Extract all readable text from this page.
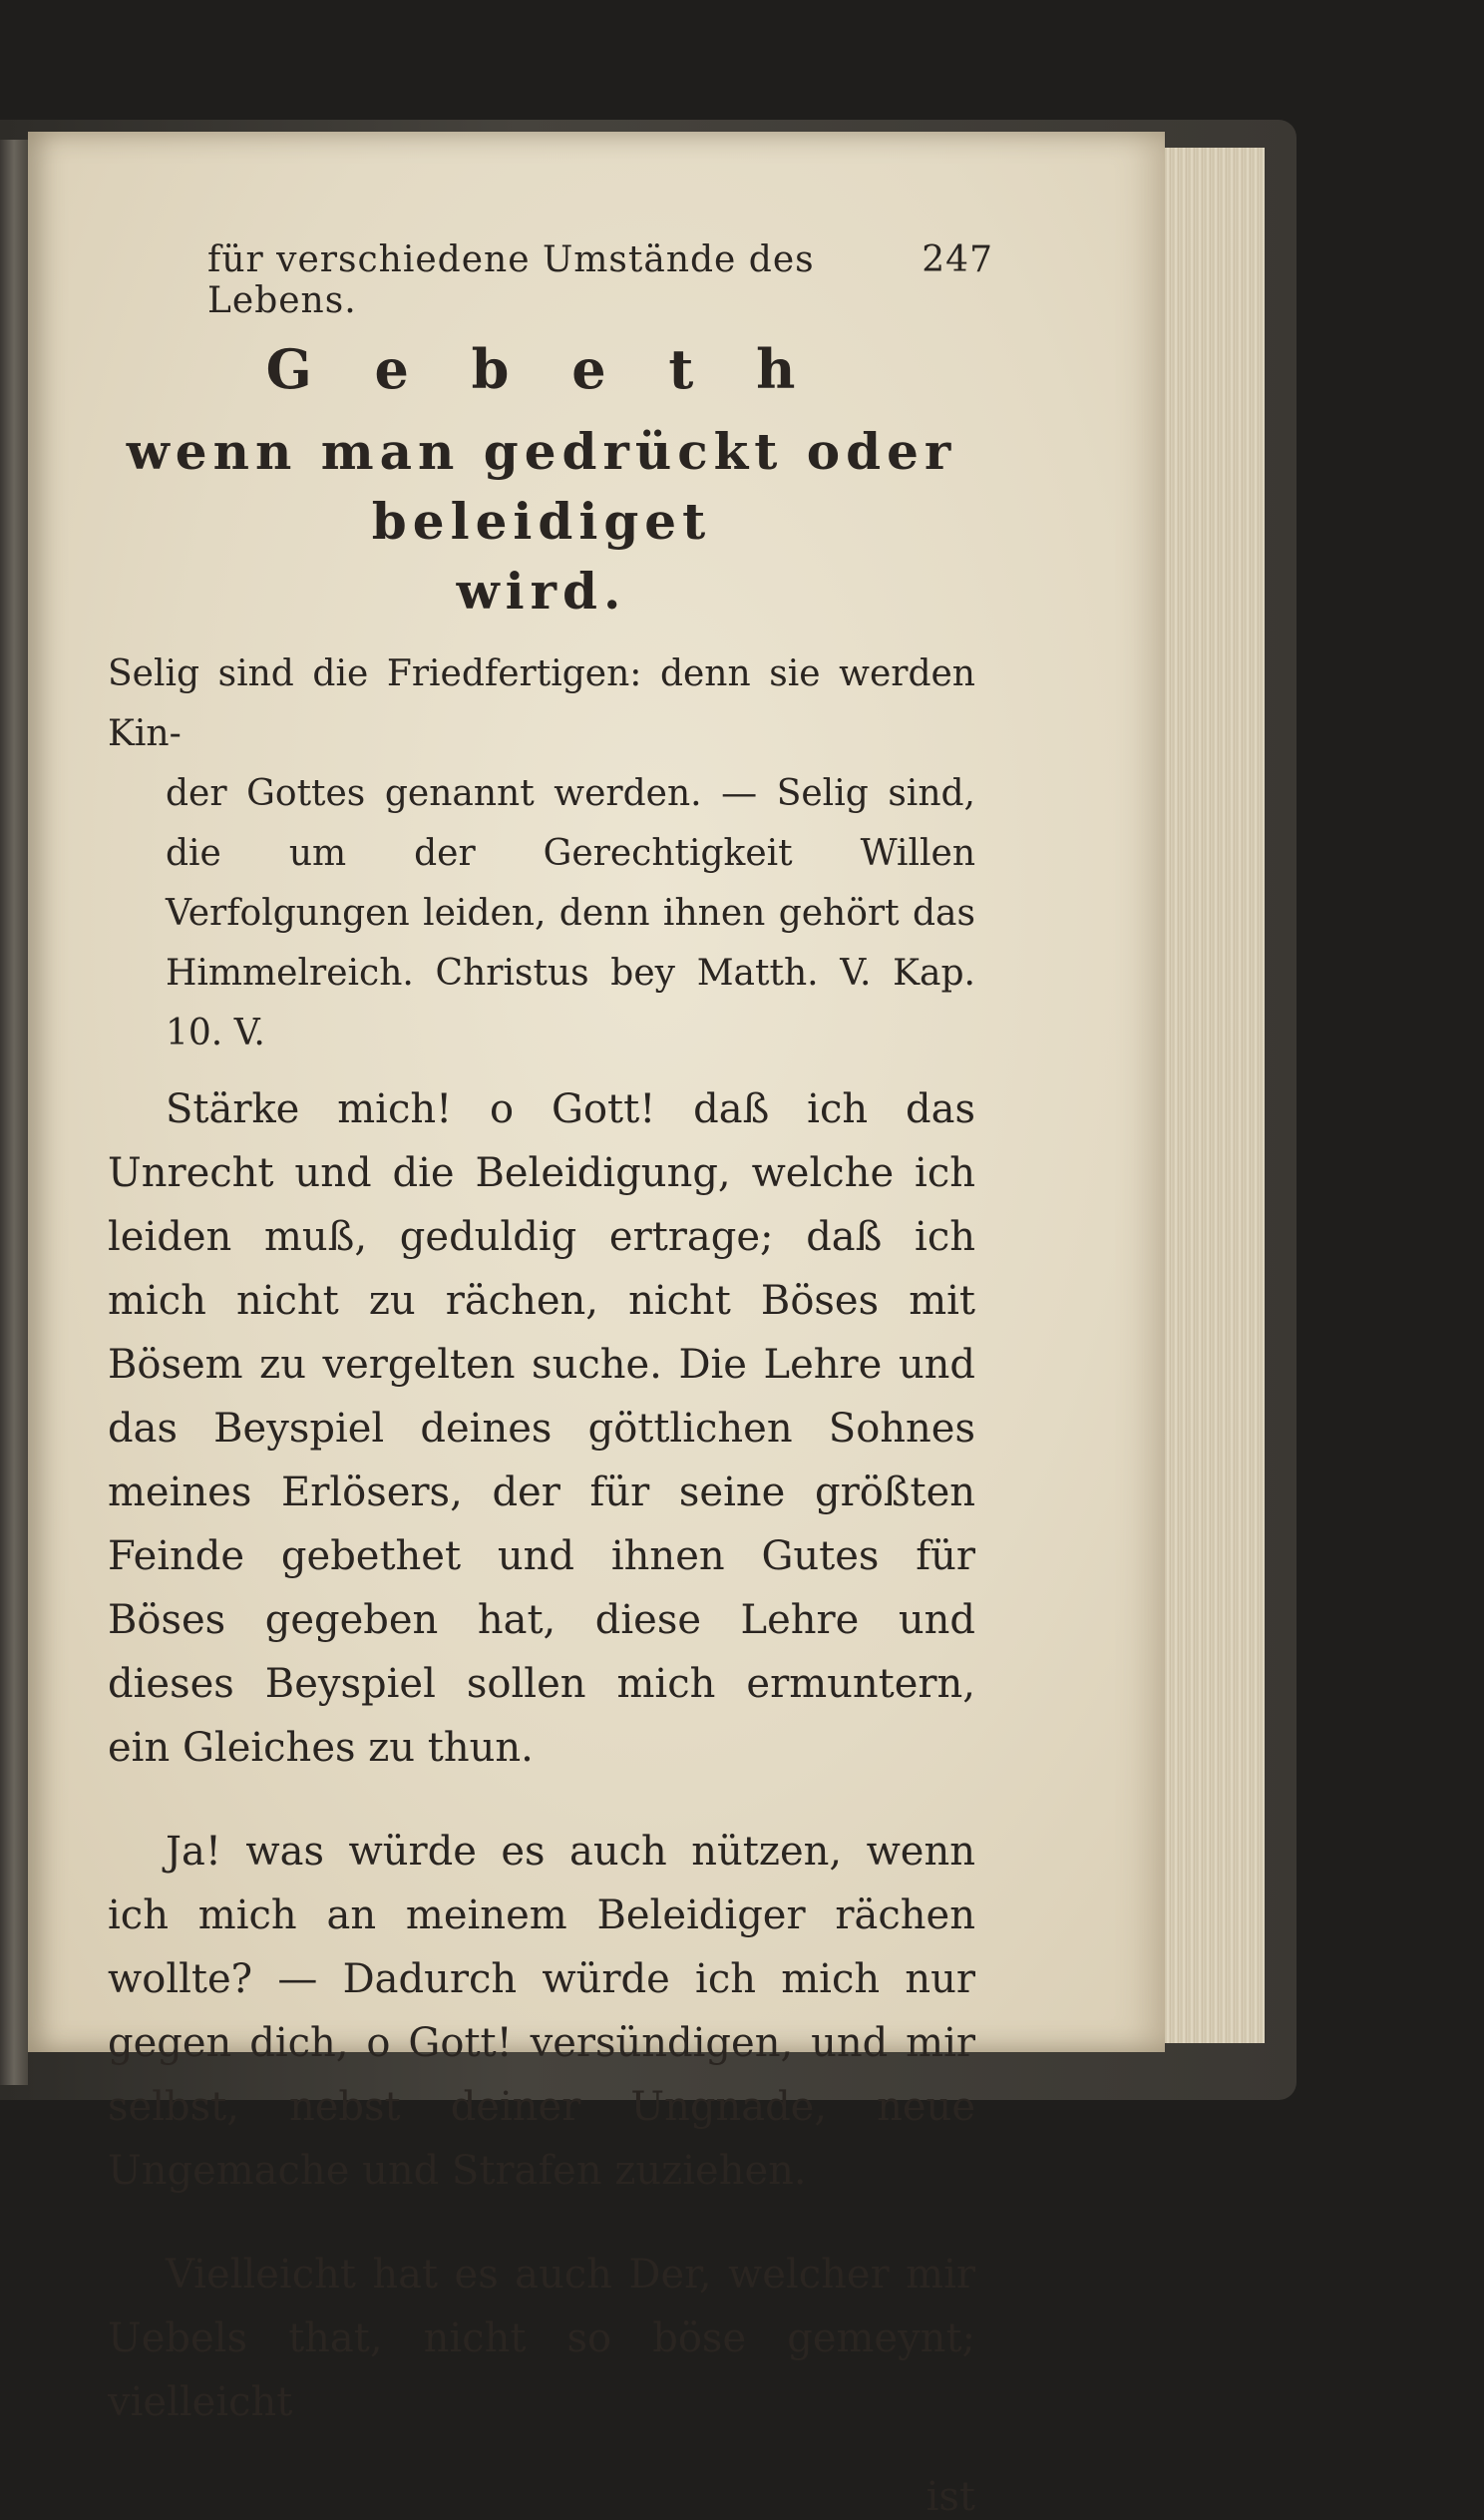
für verschiedene Umstände des Lebens.
247
G e b e t h
wenn man gedrückt oder beleidiget
wird.
Selig sind die Friedfertigen: denn sie werden Kin-
der Gottes genannt werden. — Selig sind, die um der Gerechtigkeit Willen Verfolgungen leiden, denn ihnen gehört das Himmelreich. Christus bey Matth. V. Kap. 10. V.

Stärke mich! o Gott! daß ich das Unrecht und die Beleidigung, welche ich leiden muß, geduldig ertrage; daß ich mich nicht zu rächen, nicht Böses mit Bösem zu vergelten suche. Die Lehre und das Beyspiel deines göttlichen Sohnes meines Erlösers, der für seine größten Feinde gebethet und ihnen Gutes für Böses gegeben hat, diese Lehre und dieses Beyspiel sollen mich ermuntern, ein Gleiches zu thun.

Ja! was würde es auch nützen, wenn ich mich an meinem Beleidiger rächen wollte? — Dadurch würde ich mich nur gegen dich, o Gott! versündigen, und mir selbst, nebst deiner Ungnade, neue Ungemache und Strafen zuziehen.

Vielleicht hat es auch Der, welcher mir Uebels that, nicht so böse gemeynt; vielleicht

ist
